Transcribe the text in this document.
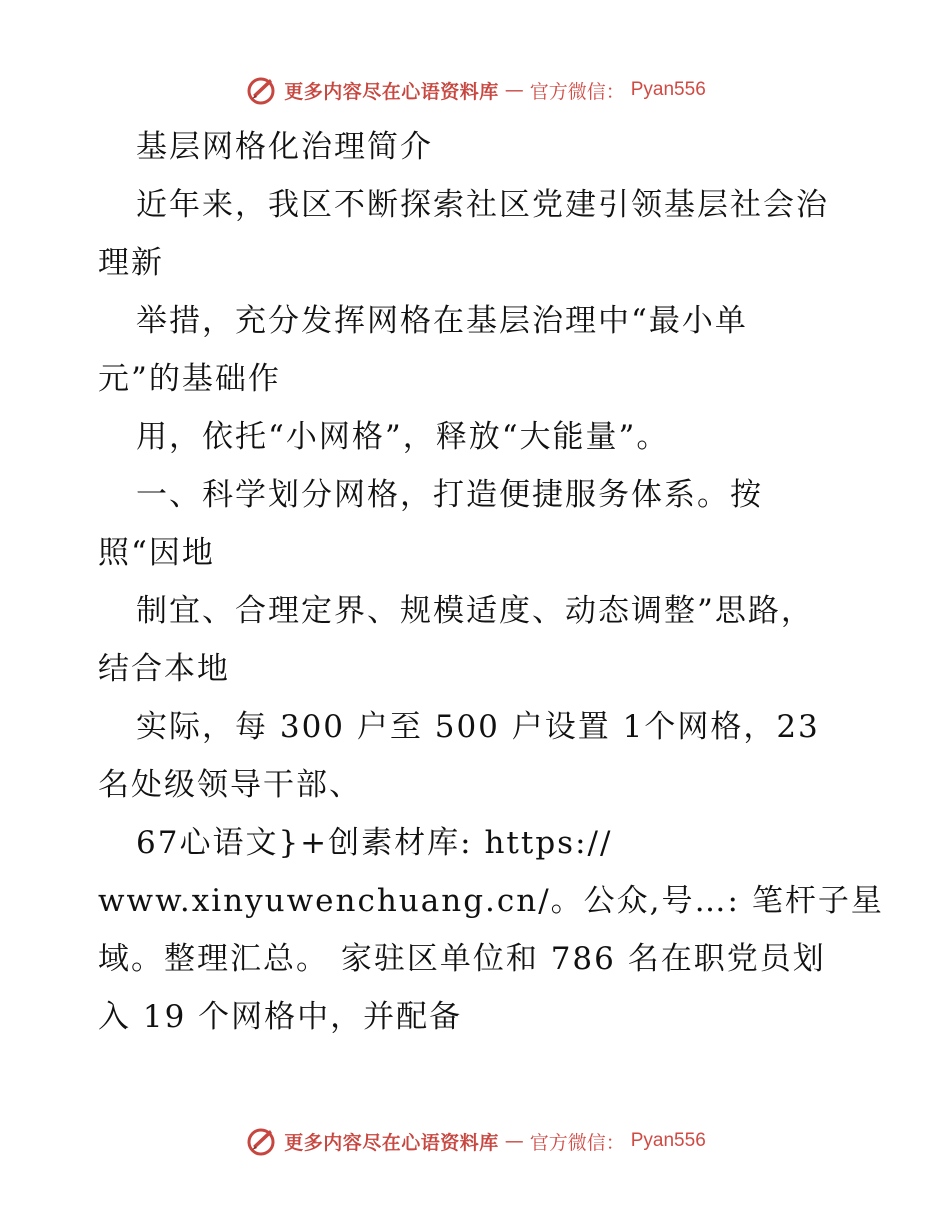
更多内容尽在心语资料库 — 官方微信： Pyan556
基层网格化治理简介
近年来，我区不断探索社区党建引领基层社会治
理新
举措，充分发挥网格在基层治理中“最小单
元”的基础作
用，依托“小网格”，释放“大能量”。
一、科学划分网格，打造便捷服务体系。按
照“因地
制宜、合理定界、规模适度、动态调整”思路，
结合本地
实际，每 300 户至 500 户设置 1个网格，23
名处级领导干部、
67心语文}+创素材库: https://
www.xinyuwenchuang.cn/。公众,号…: 笔杆子星
域。整理汇总。 家驻区单位和 786 名在职党员划
入 19 个网格中，并配备
更多内容尽在心语资料库 — 官方微信： Pyan556
